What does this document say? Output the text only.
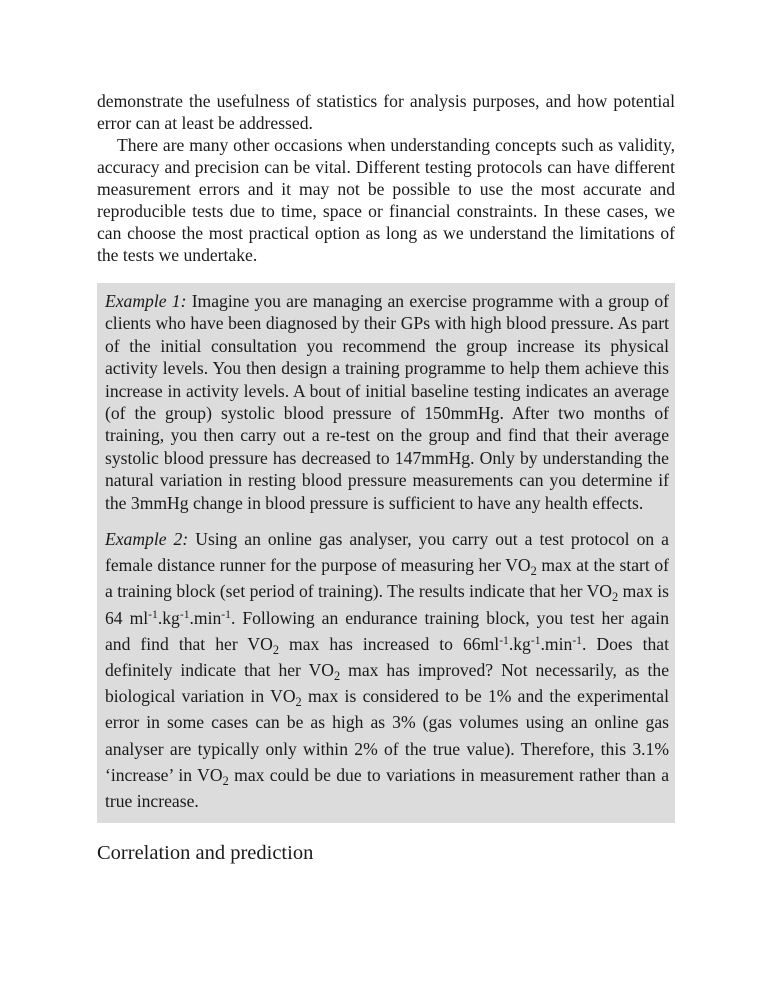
demonstrate the usefulness of statistics for analysis purposes, and how potential error can at least be addressed.

There are many other occasions when understanding concepts such as validity, accuracy and precision can be vital. Different testing protocols can have different measurement errors and it may not be possible to use the most accurate and reproducible tests due to time, space or financial constraints. In these cases, we can choose the most practical option as long as we understand the limitations of the tests we undertake.

Example 1: Imagine you are managing an exercise programme with a group of clients who have been diagnosed by their GPs with high blood pressure. As part of the initial consultation you recommend the group increase its physical activity levels. You then design a training programme to help them achieve this increase in activity levels. A bout of initial baseline testing indicates an average (of the group) systolic blood pressure of 150mmHg. After two months of training, you then carry out a re-test on the group and find that their average systolic blood pressure has decreased to 147mmHg. Only by understanding the natural variation in resting blood pressure measurements can you determine if the 3mmHg change in blood pressure is sufficient to have any health effects.

Example 2: Using an online gas analyser, you carry out a test protocol on a female distance runner for the purpose of measuring her $VO_2$ max at the start of a training block (set period of training). The results indicate that her $VO_2$ max is 64 $ml^{-1}.kg^{-1}.\min^{-1}$. Following an endurance training block, you test her again and find that her $VO_2$ max has increased to $66ml^{-1}.kg^{-1}.\min^{-1}$. Does that definitely indicate that her $VO_2$ max has improved? Not necessarily, as the biological variation in $VO_2$ max is considered to be 1% and the experimental error in some cases can be as high as 3% (gas volumes using an online gas analyser are typically only within 2% of the true value). Therefore, this 3.1% ‘increase’ in $VO_2$ max could be due to variations in measurement rather than a true increase.

Correlation and prediction
